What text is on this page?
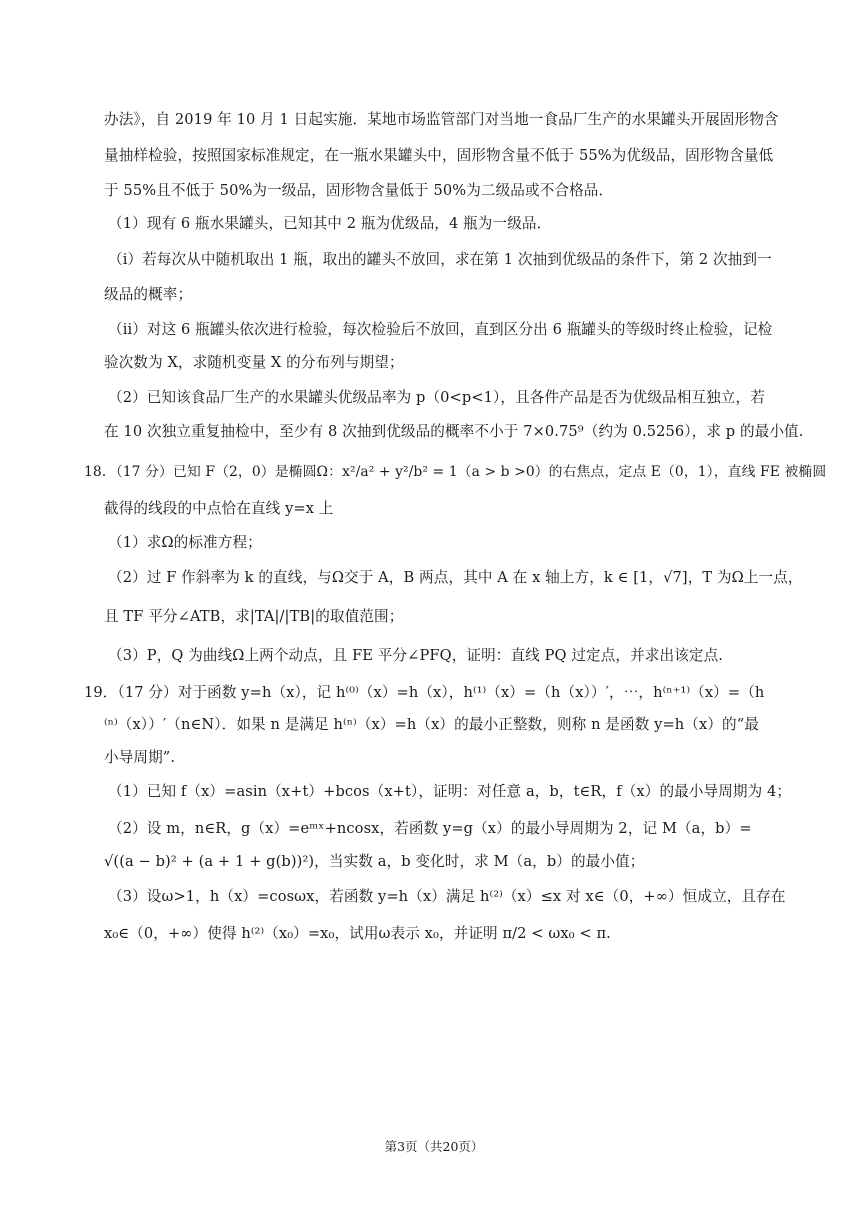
办法》，自 2019 年 10 月 1 日起实施．某地市场监管部门对当地一食品厂生产的水果罐头开展固形物含
量抽样检验，按照国家标准规定，在一瓶水果罐头中，固形物含量不低于 55%为优级品，固形物含量低
于 55%且不低于 50%为一级品，固形物含量低于 50%为二级品或不合格品．
（1）现有 6 瓶水果罐头，已知其中 2 瓶为优级品，4 瓶为一级品．
（i）若每次从中随机取出 1 瓶，取出的罐头不放回，求在第 1 次抽到优级品的条件下，第 2 次抽到一
级品的概率；
（ii）对这 6 瓶罐头依次进行检验，每次检验后不放回，直到区分出 6 瓶罐头的等级时终止检验，记检
验次数为 X，求随机变量 X 的分布列与期望；
（2）已知该食品厂生产的水果罐头优级品率为 p（0<p<1），且各件产品是否为优级品相互独立，若
在 10 次独立重复抽检中，至少有 8 次抽到优级品的概率不小于 7×0.75⁹（约为 0.5256），求 p 的最小值.
18．（17 分）已知 F（2，0）是椭圆Ω：x²/a² + y²/b² = 1（a > b >0）的右焦点，定点 E（0，1），直线 FE 被椭圆
截得的线段的中点恰在直线 y=x 上
（1）求Ω的标准方程；
（2）过 F 作斜率为 k 的直线，与Ω交于 A，B 两点，其中 A 在 x 轴上方，k ∈ [1，√7]，T 为Ω上一点，
且 TF 平分∠ATB，求|TA|/|TB|的取值范围；
（3）P，Q 为曲线Ω上两个动点，且 FE 平分∠PFQ，证明：直线 PQ 过定点，并求出该定点.
19．（17 分）对于函数 y=h（x），记 h⁽⁰⁾（x）=h（x），h⁽¹⁾（x）=（h（x））′，⋯，h⁽ⁿ⁺¹⁾（x）=（h
⁽ⁿ⁾（x））′（n∈N）．如果 n 是满足 h⁽ⁿ⁾（x）=h（x）的最小正整数，则称 n 是函数 y=h（x）的“最
小导周期”.
（1）已知 f（x）=asin（x+t）+bcos（x+t），证明：对任意 a，b，t∈R，f（x）的最小导周期为 4；
（2）设 m，n∈R，g（x）=eᵐˣ+ncosx，若函数 y=g（x）的最小导周期为 2，记 M（a，b）=
√((a − b)² + (a + 1 + g(b))²)，当实数 a，b 变化时，求 M（a，b）的最小值；
（3）设ω>1，h（x）=cosωx，若函数 y=h（x）满足 h⁽²⁾（x）≤x 对 x∈（0，+∞）恒成立，且存在
x₀∈（0，+∞）使得 h⁽²⁾（x₀）=x₀，试用ω表示 x₀，并证明 π/2 < ωx₀ < π.
第3页（共20页）
